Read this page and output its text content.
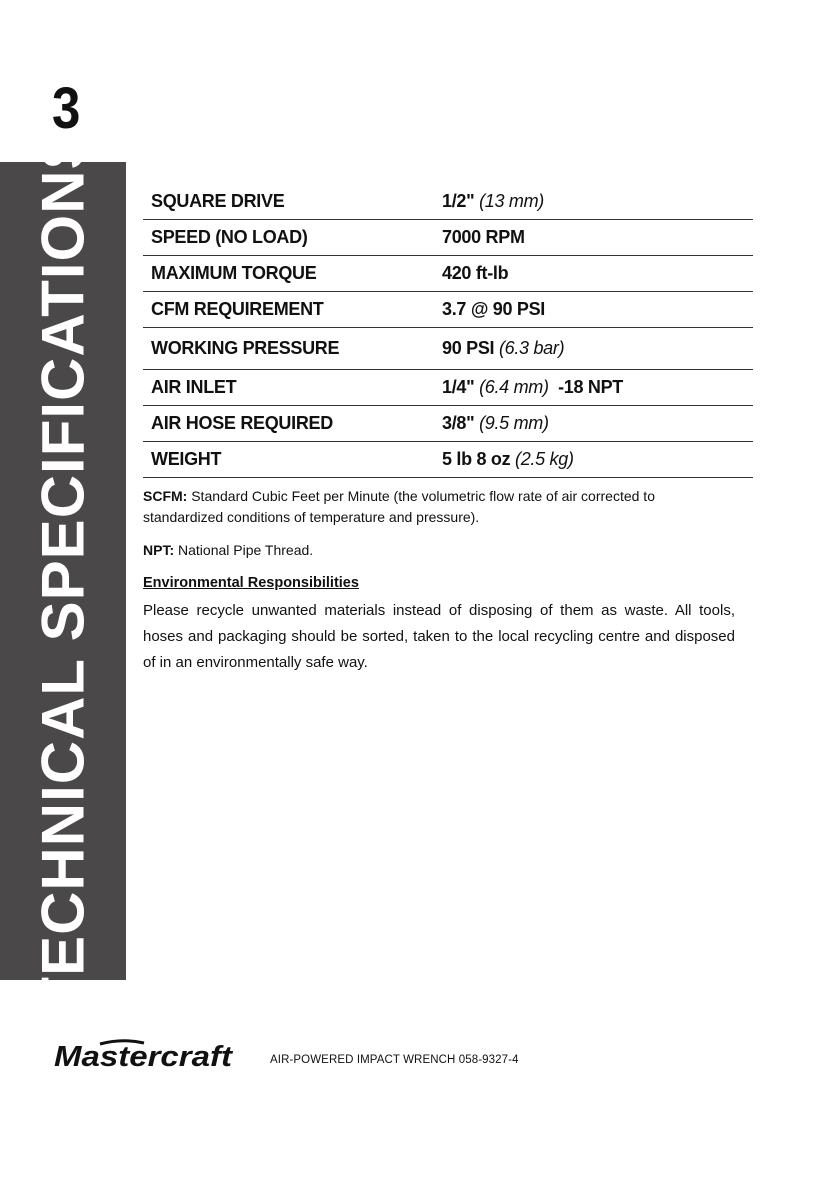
3
TECHNICAL SPECIFICATIONS	SQUARE DRIVE	1/2" (13 mm)
SPEED (NO LOAD)	7000 RPM
MAXIMUM TORQUE	420 ft-lb
CFM REQUIREMENT	3.7 @ 90 PSI
WORKING PRESSURE	90 PSI (6.3 bar)
AIR INLET	1/4" (6.4 mm) -18 NPT
AIR HOSE REQUIRED	3/8" (9.5 mm)
WEIGHT	5 lb 8 oz (2.5 kg)

SCFM: Standard Cubic Feet per Minute (the volumetric flow rate of air corrected to standardized conditions of temperature and pressure).

NPT: National Pipe Thread.

Environmental Responsibilities

Please recycle unwanted materials instead of disposing of them as waste. All tools, hoses and packaging should be sorted, taken to the local recycling centre and disposed of in an environmentally safe way.

Mastercraft	AIR-POWERED IMPACT WRENCH 058-9327-4
